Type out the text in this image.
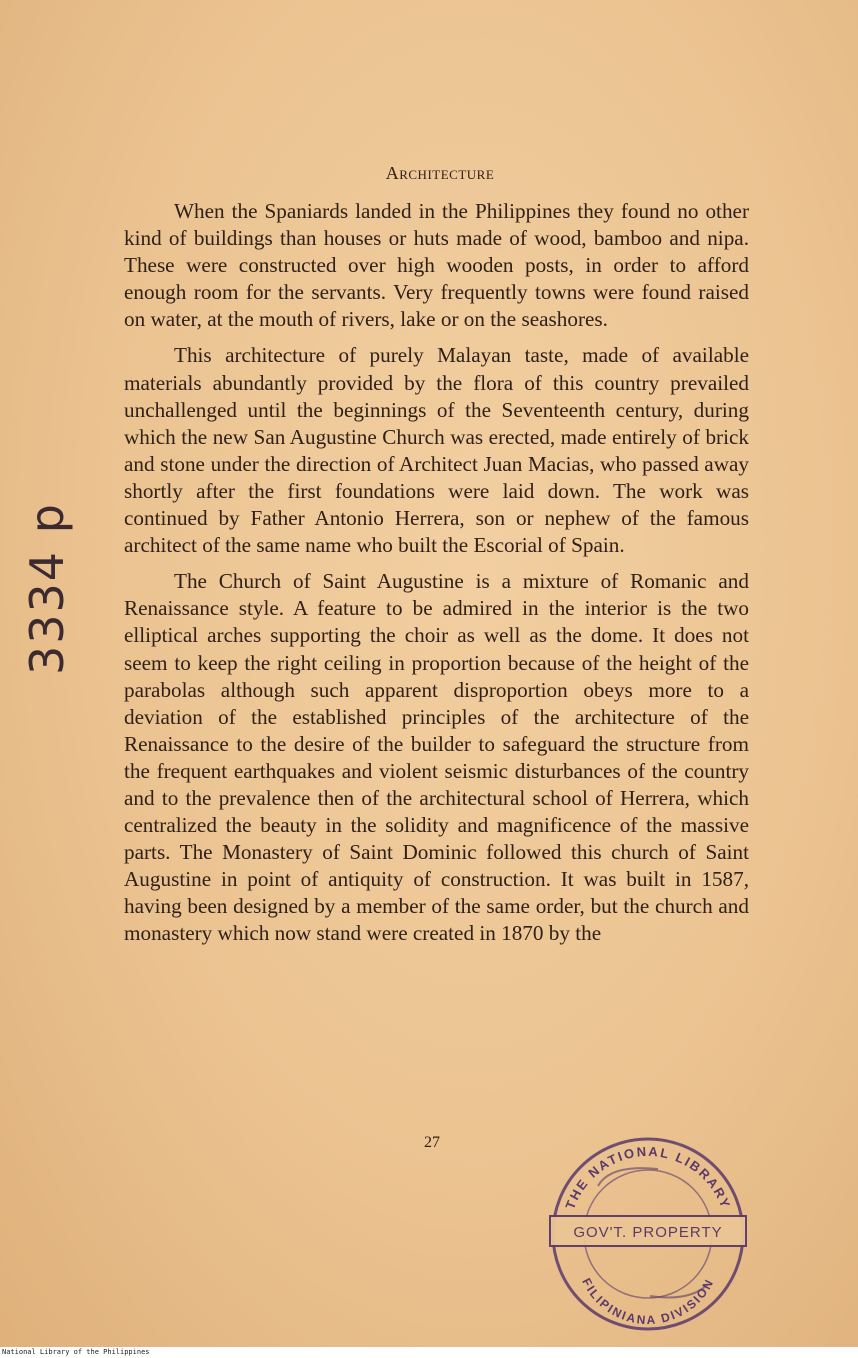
Architecture

When the Spaniards landed in the Philippines they found no other kind of buildings than houses or huts made of wood, bamboo and nipa. These were constructed over high wooden posts, in order to afford enough room for the servants. Very frequently towns were found raised on water, at the mouth of rivers, lake or on the seashores.

This architecture of purely Malayan taste, made of available materials abundantly provided by the flora of this country prevailed unchallenged until the beginnings of the Seventeenth century, during which the new San Augustine Church was erected, made entirely of brick and stone under the direction of Architect Juan Macias, who passed away shortly after the first foundations were laid down. The work was continued by Father Antonio Herrera, son or nephew of the famous architect of the same name who built the Escorial of Spain.

The Church of Saint Augustine is a mixture of Romanic and Renaissance style. A feature to be admired in the interior is the two elliptical arches supporting the choir as well as the dome. It does not seem to keep the right ceiling in proportion because of the height of the parabolas although such apparent disproportion obeys more to a deviation of the established principles of the architecture of the Renaissance to the desire of the builder to safeguard the structure from the frequent earthquakes and violent seismic disturbances of the country and to the prevalence then of the architectural school of Herrera, which centralized the beauty in the solidity and magnificence of the massive parts. The Monastery of Saint Dominic followed this church of Saint Augustine in point of antiquity of construction. It was built in 1587, having been designed by a member of the same order, but the church and monastery which now stand were created in 1870 by the

3334 p
27
THE NATIONAL LIBRARY
GOV'T. PROPERTY
FILIPINIANA DIVISION
National Library of the Philippines
